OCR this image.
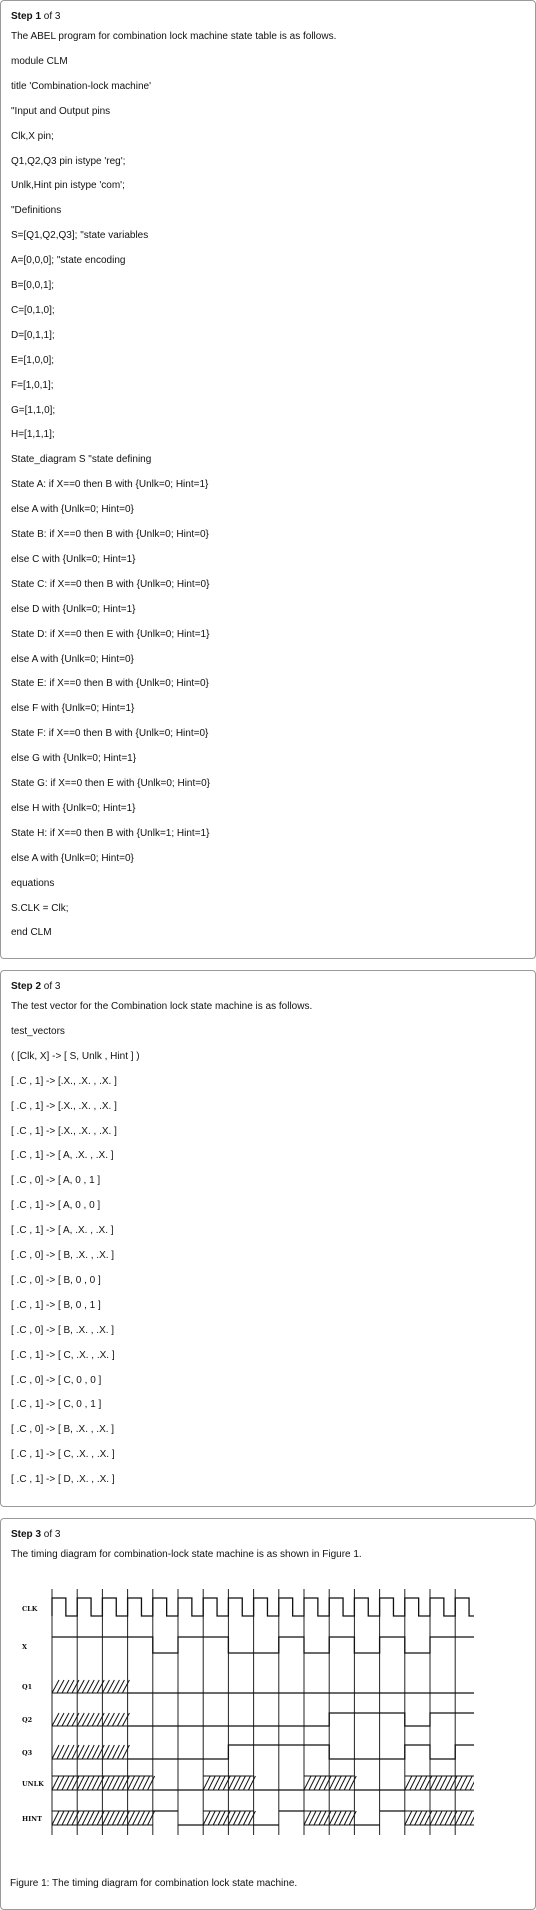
Step 1 of 3
The ABEL program for combination lock machine state table is as follows.
module CLM
title 'Combination-lock machine'
"Input and Output pins
Clk,X pin;
Q1,Q2,Q3 pin istype 'reg';
Unlk,Hint pin istype 'com';
"Definitions
S=[Q1,Q2,Q3]; "state variables
A=[0,0,0]; "state encoding
B=[0,0,1];
C=[0,1,0];
D=[0,1,1];
E=[1,0,0];
F=[1,0,1];
G=[1,1,0];
H=[1,1,1];
State_diagram S "state defining
State A: if X==0 then B with {Unlk=0; Hint=1}
else A with {Unlk=0; Hint=0}
State B: if X==0 then B with {Unlk=0; Hint=0}
else C with {Unlk=0; Hint=1}
State C: if X==0 then B with {Unlk=0; Hint=0}
else D with {Unlk=0; Hint=1}
State D: if X==0 then E with {Unlk=0; Hint=1}
else A with {Unlk=0; Hint=0}
State E: if X==0 then B with {Unlk=0; Hint=0}
else F with {Unlk=0; Hint=1}
State F: if X==0 then B with {Unlk=0; Hint=0}
else G with {Unlk=0; Hint=1}
State G: if X==0 then E with {Unlk=0; Hint=0}
else H with {Unlk=0; Hint=1}
State H: if X==0 then B with {Unlk=1; Hint=1}
else A with {Unlk=0; Hint=0}
equations
S.CLK = Clk;
end CLM
Step 2 of 3
The test vector for the Combination lock state machine is as follows.
test_vectors
( [Clk, X] -> [ S, Unlk , Hint ] )
[ .C , 1] -> [.X., .X. , .X. ]
[ .C , 1] -> [.X., .X. , .X. ]
[ .C , 1] -> [.X., .X. , .X. ]
[ .C , 1] -> [ A, .X. , .X. ]
[ .C , 0] -> [ A, 0 , 1 ]
[ .C , 1] -> [ A, 0 , 0 ]
[ .C , 1] -> [ A, .X. , .X. ]
[ .C , 0] -> [ B, .X. , .X. ]
[ .C , 0] -> [ B, 0 , 0 ]
[ .C , 1] -> [ B, 0 , 1 ]
[ .C , 0] -> [ B, .X. , .X. ]
[ .C , 1] -> [ C, .X. , .X. ]
[ .C , 0] -> [ C, 0 , 0 ]
[ .C , 1] -> [ C, 0 , 1 ]
[ .C , 0] -> [ B, .X. , .X. ]
[ .C , 1] -> [ C, .X. , .X. ]
[ .C , 1] -> [ D, .X. , .X. ]
Step 3 of 3
The timing diagram for combination-lock state machine is as shown in Figure 1.
CLK
X
Q1
Q2
Q3
UNLK
HINT
Figure 1: The timing diagram for combination lock state machine.
